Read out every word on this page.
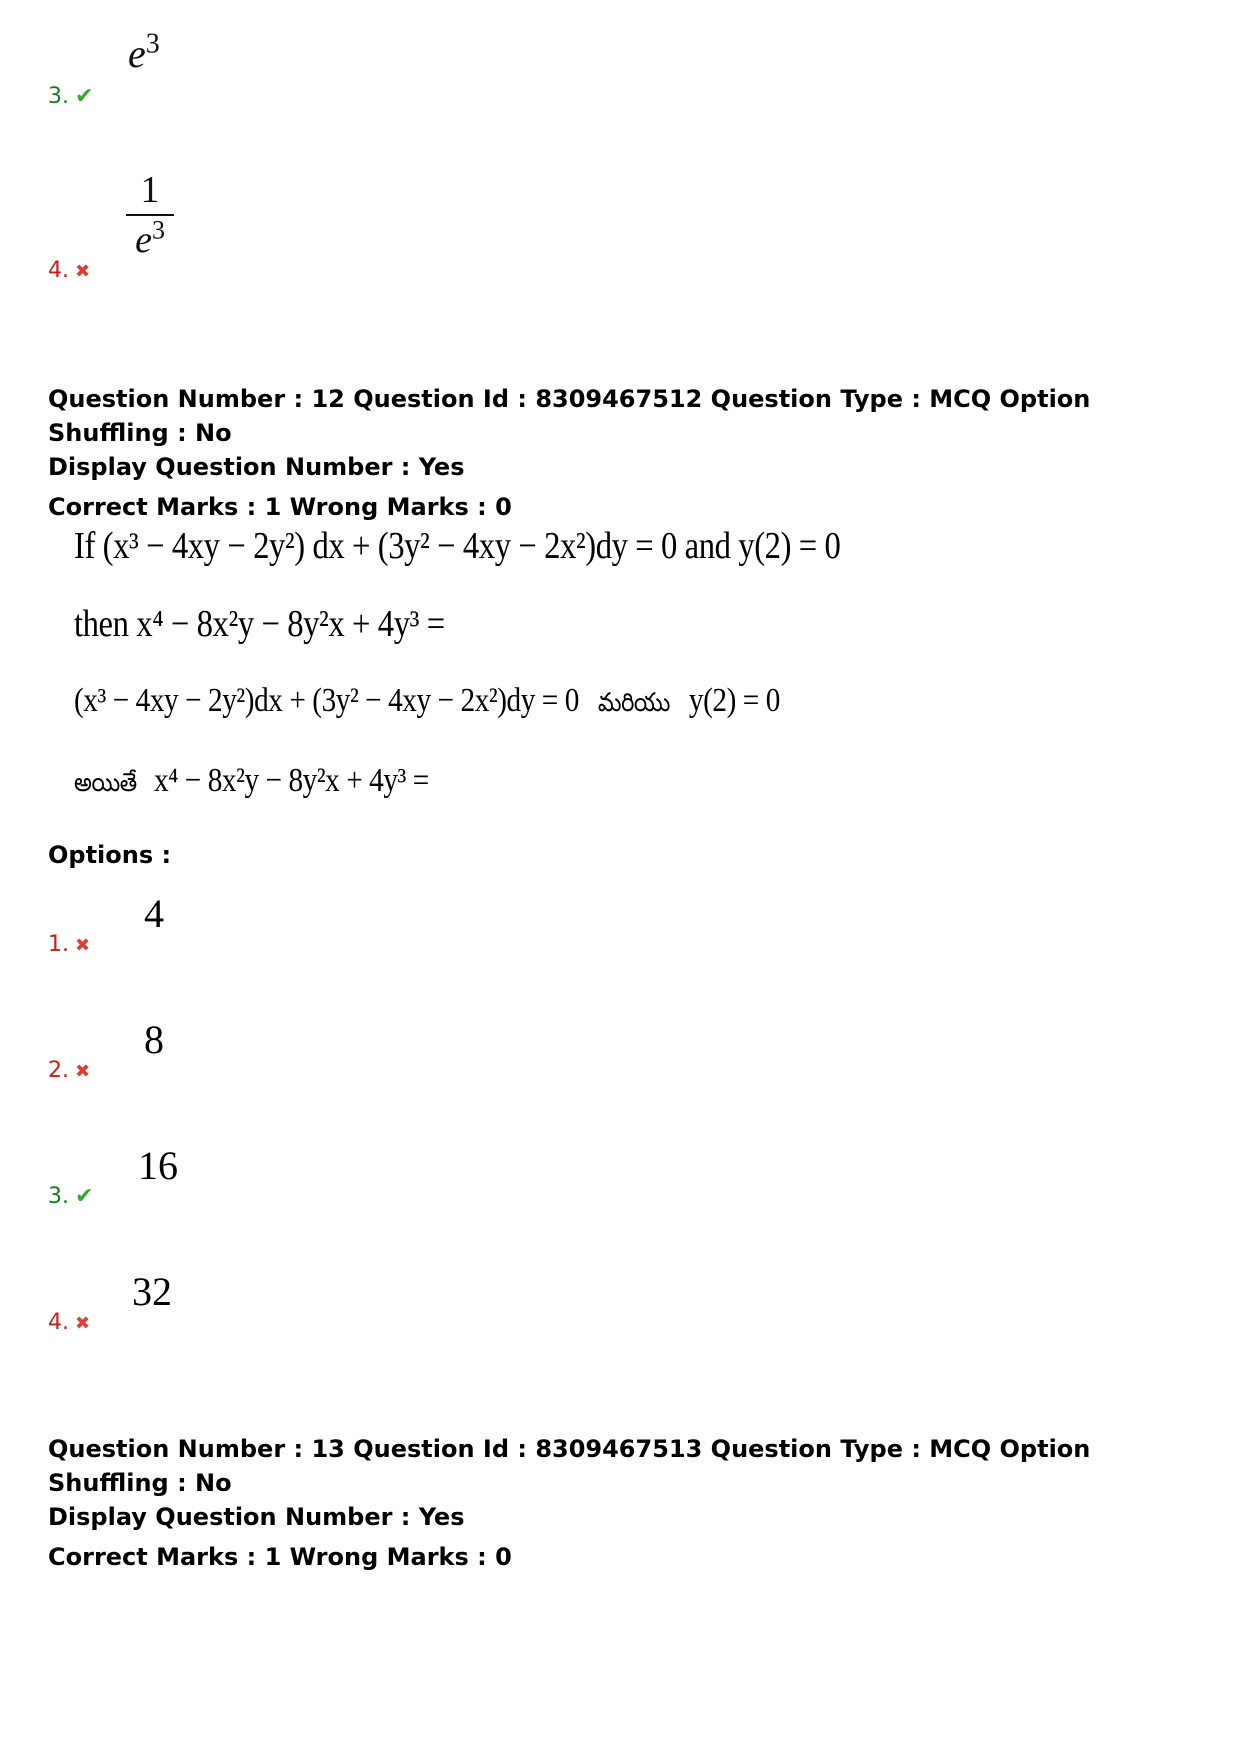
3. ✔
$e^3$
4. ✖
1
$e^3$
Question Number : 12 Question Id : 8309467512 Question Type : MCQ Option Shuffling : No
Display Question Number : Yes
Correct Marks : 1 Wrong Marks : 0
If (x³ − 4xy − 2y²) dx + (3y² − 4xy − 2x²)dy = 0 and y(2) = 0
then x⁴ − 8x²y − 8y²x + 4y³ =
(x³ − 4xy − 2y²)dx + (3y² − 4xy − 2x²)dy = 0 మరియు y(2) = 0
అయితే x⁴ − 8x²y − 8y²x + 4y³ =
Options :
1. ✖
4
2. ✖
8
3. ✔
16
4. ✖
32
Question Number : 13 Question Id : 8309467513 Question Type : MCQ Option Shuffling : No
Display Question Number : Yes
Correct Marks : 1 Wrong Marks : 0
